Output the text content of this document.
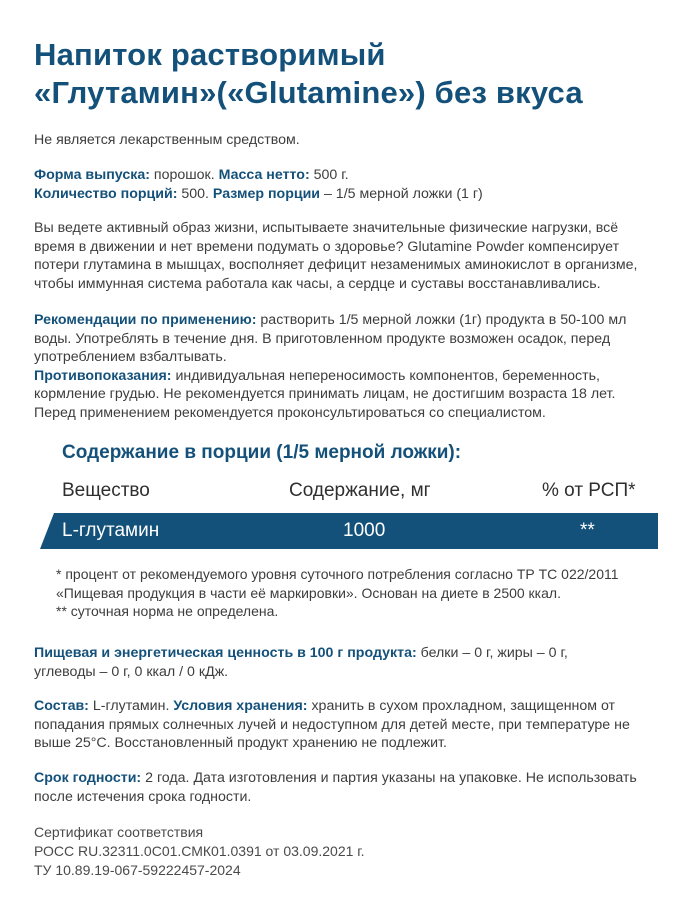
Напиток растворимый
«Глутамин»(«Glutamine») без вкуса
Не является лекарственным средством.
Форма выпуска: порошок. Масса нетто: 500 г.
Количество порций: 500. Размер порции – 1/5 мерной ложки (1 г)
Вы ведете активный образ жизни, испытываете значительные физические нагрузки, всё
время в движении и нет времени подумать о здоровье? Glutamine Powder компенсирует
потери глутамина в мышцах, восполняет дефицит незаменимых аминокислот в организме,
чтобы иммунная система работала как часы, а сердце и суставы восстанавливались.
Рекомендации по применению: растворить 1/5 мерной ложки (1г) продукта в 50-100 мл
воды. Употреблять в течение дня. В приготовленном продукте возможен осадок, перед
употреблением взбалтывать.
Противопоказания: индивидуальная непереносимость компонентов, беременность,
кормление грудью. Не рекомендуется принимать лицам, не достигшим возраста 18 лет.
Перед применением рекомендуется проконсультироваться со специалистом.
Содержание в порции (1/5 мерной ложки):
Вещество	Содержание, мг	% от РСП*
L-глутамин	1000	**
* процент от рекомендуемого уровня суточного потребления согласно ТР ТС 022/2011
«Пищевая продукция в части её маркировки». Основан на диете в 2500 ккал.
** суточная норма не определена.
Пищевая и энергетическая ценность в 100 г продукта: белки – 0 г, жиры – 0 г,
углеводы – 0 г, 0 ккал / 0 кДж.
Состав: L-глутамин. Условия хранения: хранить в сухом прохладном, защищенном от
попадания прямых солнечных лучей и недоступном для детей месте, при температуре не
выше 25°С. Восстановленный продукт хранению не подлежит.
Срок годности: 2 года. Дата изготовления и партия указаны на упаковке. Не использовать
после истечения срока годности.
Сертификат соответствия
РОСС RU.32311.0С01.СМК01.0391 от 03.09.2021 г.
ТУ 10.89.19-067-59222457-2024
